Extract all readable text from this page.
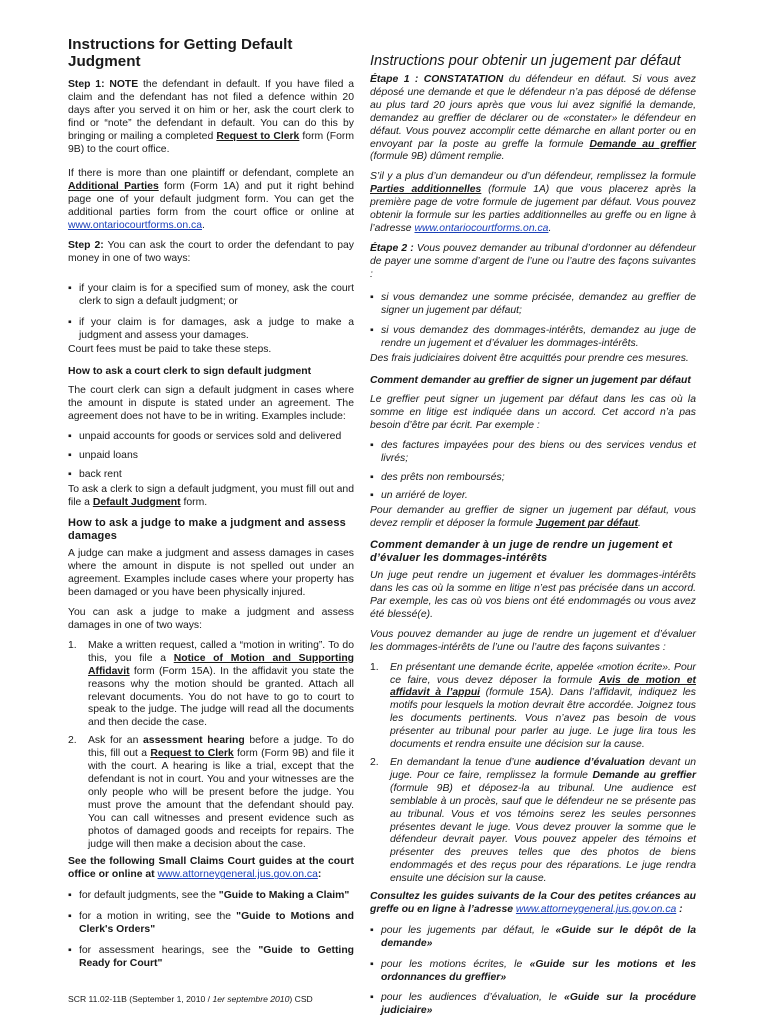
Instructions for Getting Default Judgment

Step 1: NOTE the defendant in default. If you have filed a claim and the defendant has not filed a defence within 20 days after you served it on him or her, ask the court clerk to find or “note” the defendant in default. You can do this by bringing or mailing a completed Request to Clerk form (Form 9B) to the court office.

If there is more than one plaintiff or defendant, complete an Additional Parties form (Form 1A) and put it right behind page one of your default judgment form. You can get the additional parties form from the court office or online at www.ontariocourtforms.on.ca.

Step 2: You can ask the court to order the defendant to pay money in one of two ways:

▪ if your claim is for a specified sum of money, ask the court clerk to sign a default judgment; or
▪ if your claim is for damages, ask a judge to make a judgment and assess your damages.

Court fees must be paid to take these steps.

How to ask a court clerk to sign default judgment

The court clerk can sign a default judgment in cases where the amount in dispute is stated under an agreement. The agreement does not have to be in writing. Examples include:

▪ unpaid accounts for goods or services sold and delivered
▪ unpaid loans
▪ back rent

To ask a clerk to sign a default judgment, you must fill out and file a Default Judgment form.

How to ask a judge to make a judgment and assess damages

A judge can make a judgment and assess damages in cases where the amount in dispute is not spelled out under an agreement. Examples include cases where your property has been damaged or you have been physically injured.

You can ask a judge to make a judgment and assess damages in one of two ways:

1. Make a written request, called a “motion in writing”. To do this, you file a Notice of Motion and Supporting Affidavit form (Form 15A). In the affidavit you state the reasons why the motion should be granted. Attach all relevant documents. You do not have to go to court to speak to the judge. The judge will read all the documents and then decide the case.
2. Ask for an assessment hearing before a judge. To do this, fill out a Request to Clerk form (Form 9B) and file it with the court. A hearing is like a trial, except that the defendant is not in court. You and your witnesses are the only people who will be present before the judge. You must prove the amount that the defendant should pay. You can call witnesses and present evidence such as photos of damaged goods and receipts for repairs. The judge will then make a decision about the case.

See the following Small Claims Court guides at the court office or online at www.attorneygeneral.jus.gov.on.ca:

▪ for default judgments, see the "Guide to Making a Claim"
▪ for a motion in writing, see the "Guide to Motions and Clerk's Orders"
▪ for assessment hearings, see the "Guide to Getting Ready for Court"
Instructions pour obtenir un jugement par défaut

Étape 1 : CONSTATATION du défendeur en défaut. Si vous avez déposé une demande et que le défendeur n’a pas déposé de défense au plus tard 20 jours après que vous lui avez signifié la demande, demandez au greffier de déclarer ou de «constater» le défendeur en défaut. Vous pouvez accomplir cette démarche en allant porter ou en envoyant par la poste au greffe la formule Demande au greffier (formule 9B) dûment remplie.

S’il y a plus d’un demandeur ou d’un défendeur, remplissez la formule Parties additionnelles (formule 1A) que vous placerez après la première page de votre formule de jugement par défaut. Vous pouvez obtenir la formule sur les parties additionnelles au greffe ou en ligne à l’adresse www.ontariocourtforms.on.ca.

Étape 2 : Vous pouvez demander au tribunal d’ordonner au défendeur de payer une somme d’argent de l’une ou l’autre des façons suivantes :

▪ si vous demandez une somme précisée, demandez au greffier de signer un jugement par défaut;
▪ si vous demandez des dommages-intérêts, demandez au juge de rendre un jugement et d’évaluer les dommages-intérêts.

Des frais judiciaires doivent être acquittés pour prendre ces mesures.

Comment demander au greffier de signer un jugement par défaut

Le greffier peut signer un jugement par défaut dans les cas où la somme en litige est indiquée dans un accord. Cet accord n’a pas besoin d’être par écrit. Par exemple :

▪ des factures impayées pour des biens ou des services vendus et livrés;
▪ des prêts non remboursés;
▪ un arriéré de loyer.

Pour demander au greffier de signer un jugement par défaut, vous devez remplir et déposer la formule Jugement par défaut.

Comment demander à un juge de rendre un jugement et d’évaluer les dommages-intérêts

Un juge peut rendre un jugement et évaluer les dommages-intérêts dans les cas où la somme en litige n’est pas précisée dans un accord. Par exemple, les cas où vos biens ont été endommagés ou vous avez été blessé(e).

Vous pouvez demander au juge de rendre un jugement et d’évaluer les dommages-intérêts de l’une ou l’autre des façons suivantes :

1. En présentant une demande écrite, appelée «motion écrite». Pour ce faire, vous devez déposer la formule Avis de motion et affidavit à l’appui (formule 15A). Dans l’affidavit, indiquez les motifs pour lesquels la motion devrait être accordée. Joignez tous les documents pertinents. Vous n’avez pas besoin de vous présenter au tribunal pour parler au juge. Le juge lira tous les documents et rendra ensuite une décision sur la cause.
2. En demandant la tenue d’une audience d’évaluation devant un juge. Pour ce faire, remplissez la formule Demande au greffier (formule 9B) et déposez-la au tribunal. Une audience est semblable à un procès, sauf que le défendeur ne se présente pas au tribunal. Vous et vos témoins serez les seules personnes présentes devant le juge. Vous devez prouver la somme que le défendeur devrait payer. Vous pouvez appeler des témoins et présenter des preuves telles que des photos de biens endommagés et des reçus pour des réparations. Le juge rendra ensuite une décision sur la cause.

Consultez les guides suivants de la Cour des petites créances au greffe ou en ligne à l’adresse www.attorneygeneral.jus.gov.on.ca :

▪ pour les jugements par défaut, le «Guide sur le dépôt de la demande»
▪ pour les motions écrites, le «Guide sur les motions et les ordonnances du greffier»
▪ pour les audiences d’évaluation, le «Guide sur la procédure judiciaire»
SCR 11.02-11B (September 1, 2010 / 1er septembre 2010) CSD
